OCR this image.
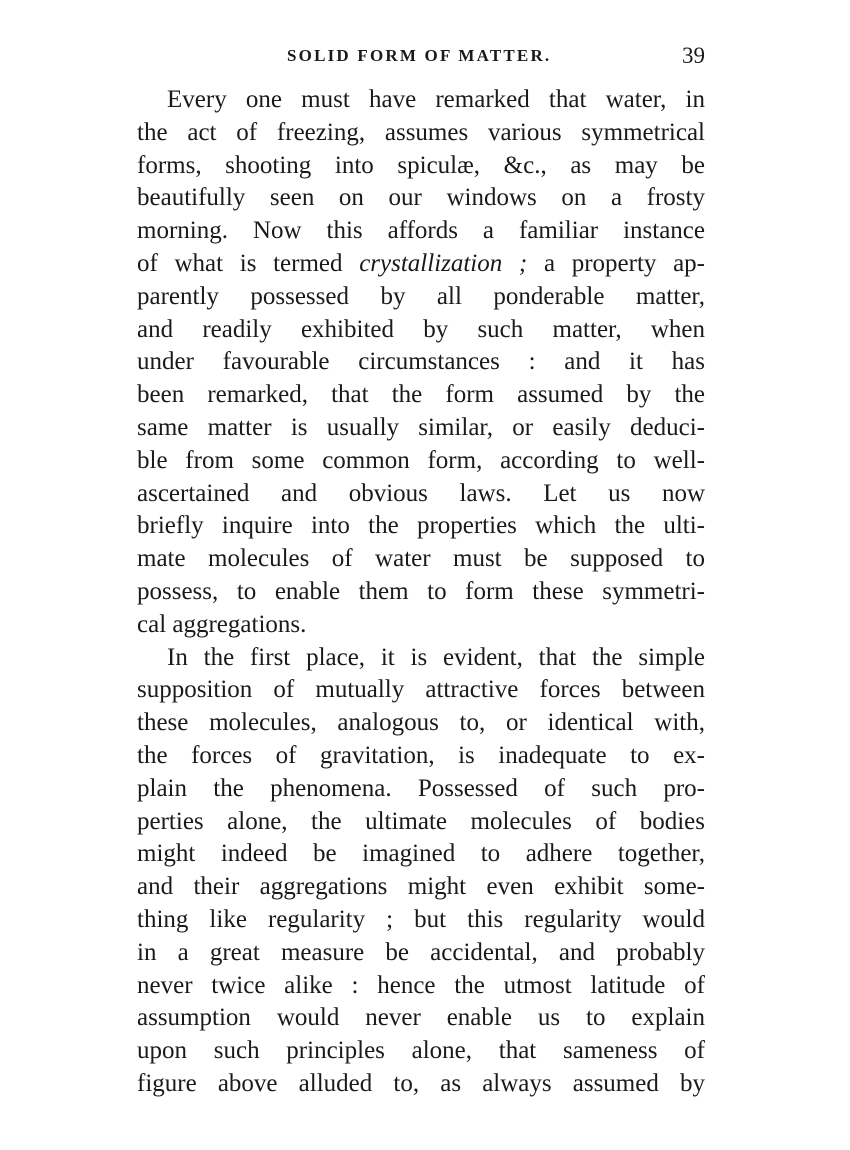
SOLID FORM OF MATTER.	39
Every one must have remarked that water, in
the act of freezing, assumes various symmetrical
forms, shooting into spiculæ, &c., as may be
beautifully seen on our windows on a frosty
morning. Now this affords a familiar instance
of what is termed crystallization ; a property ap-
parently possessed by all ponderable matter,
and readily exhibited by such matter, when
under favourable circumstances : and it has
been remarked, that the form assumed by the
same matter is usually similar, or easily deduci-
ble from some common form, according to well-
ascertained and obvious laws. Let us now
briefly inquire into the properties which the ulti-
mate molecules of water must be supposed to
possess, to enable them to form these symmetri-
cal aggregations.
In the first place, it is evident, that the simple
supposition of mutually attractive forces between
these molecules, analogous to, or identical with,
the forces of gravitation, is inadequate to ex-
plain the phenomena. Possessed of such pro-
perties alone, the ultimate molecules of bodies
might indeed be imagined to adhere together,
and their aggregations might even exhibit some-
thing like regularity ; but this regularity would
in a great measure be accidental, and probably
never twice alike : hence the utmost latitude of
assumption would never enable us to explain
upon such principles alone, that sameness of
figure above alluded to, as always assumed by
